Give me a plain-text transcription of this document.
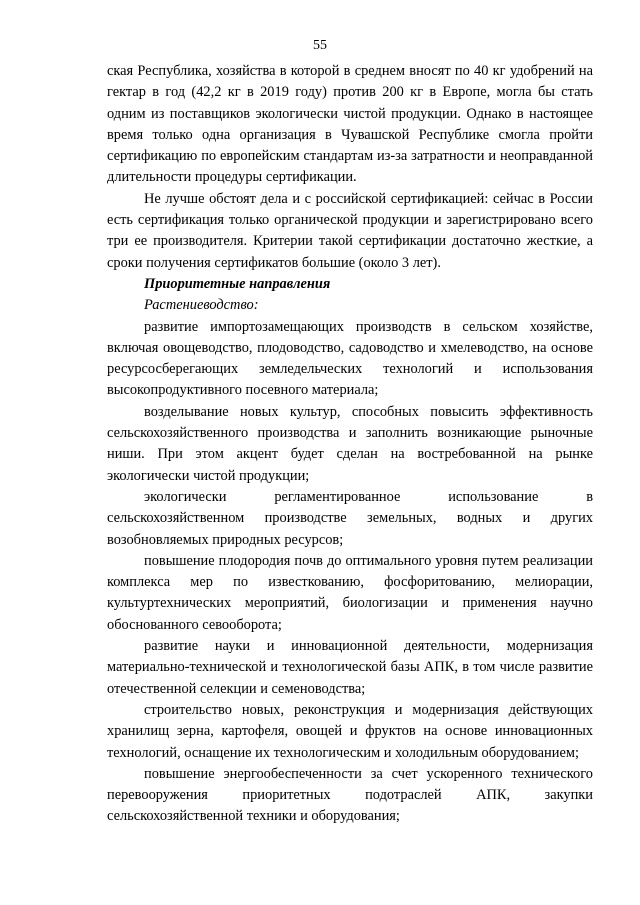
55

ская Республика, хозяйства в которой в среднем вносят по 40 кг удобрений на гектар в год (42,2 кг в 2019 году) против 200 кг в Европе, могла бы стать одним из поставщиков экологически чистой продукции. Однако в настоящее время только одна организация в Чувашской Республике смогла пройти сертификацию по европейским стандартам из-за затратности и неоправданной длительности процедуры сертификации.

Не лучше обстоят дела и с российской сертификацией: сейчас в России есть сертификация только органической продукции и зарегистрировано всего три ее производителя. Критерии такой сертификации достаточно жесткие, а сроки получения сертификатов большие (около 3 лет).

Приоритетные направления

Растениеводство:

развитие импортозамещающих производств в сельском хозяйстве, включая овощеводство, плодоводство, садоводство и хмелеводство, на основе ресурсосберегающих земледельческих технологий и использования высокопродуктивного посевного материала;

возделывание новых культур, способных повысить эффективность сельскохозяйственного производства и заполнить возникающие рыночные ниши. При этом акцент будет сделан на востребованной на рынке экологически чистой продукции;

экологически регламентированное использование в сельскохозяйственном производстве земельных, водных и других возобновляемых природных ресурсов;

повышение плодородия почв до оптимального уровня путем реализации комплекса мер по известкованию, фосфоритованию, мелиорации, культуртехнических мероприятий, биологизации и применения научно обоснованного севооборота;

развитие науки и инновационной деятельности, модернизация материально-технической и технологической базы АПК, в том числе развитие отечественной селекции и семеноводства;

строительство новых, реконструкция и модернизация действующих хранилищ зерна, картофеля, овощей и фруктов на основе инновационных технологий, оснащение их технологическим и холодильным оборудованием;

повышение энергообеспеченности за счет ускоренного технического перевооружения приоритетных подотраслей АПК, закупки сельскохозяйственной техники и оборудования;
